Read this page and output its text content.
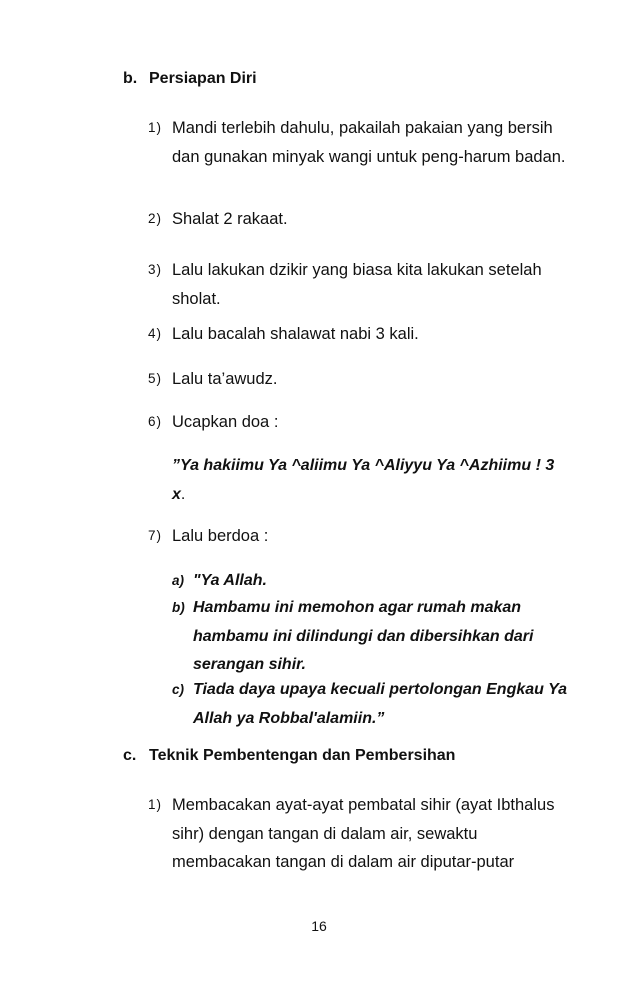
b. Persiapan Diri
1) Mandi terlebih dahulu, pakailah pakaian yang bersih dan gunakan minyak wangi untuk peng-harum badan.
2) Shalat 2 rakaat.
3) Lalu lakukan dzikir yang biasa kita lakukan setelah sholat.
4) Lalu bacalah shalawat nabi 3 kali.
5) Lalu ta’awudz.
6) Ucapkan doa :
”Ya hakiimu Ya ^aliimu Ya ^Aliyyu Ya ^Azhiimu ! 3 x.
7) Lalu berdoa :
a) "Ya Allah.
b) Hambamu ini memohon agar rumah makan hambamu ini dilindungi dan dibersihkan dari serangan sihir.
c) Tiada daya upaya kecuali pertolongan Engkau Ya Allah ya Robbal'alamiin.”
c. Teknik Pembentengan dan Pembersihan
1) Membacakan ayat-ayat pembatal sihir (ayat Ibthalus sihr) dengan tangan di dalam air, sewaktu membacakan tangan di dalam air diputar-putar
16
